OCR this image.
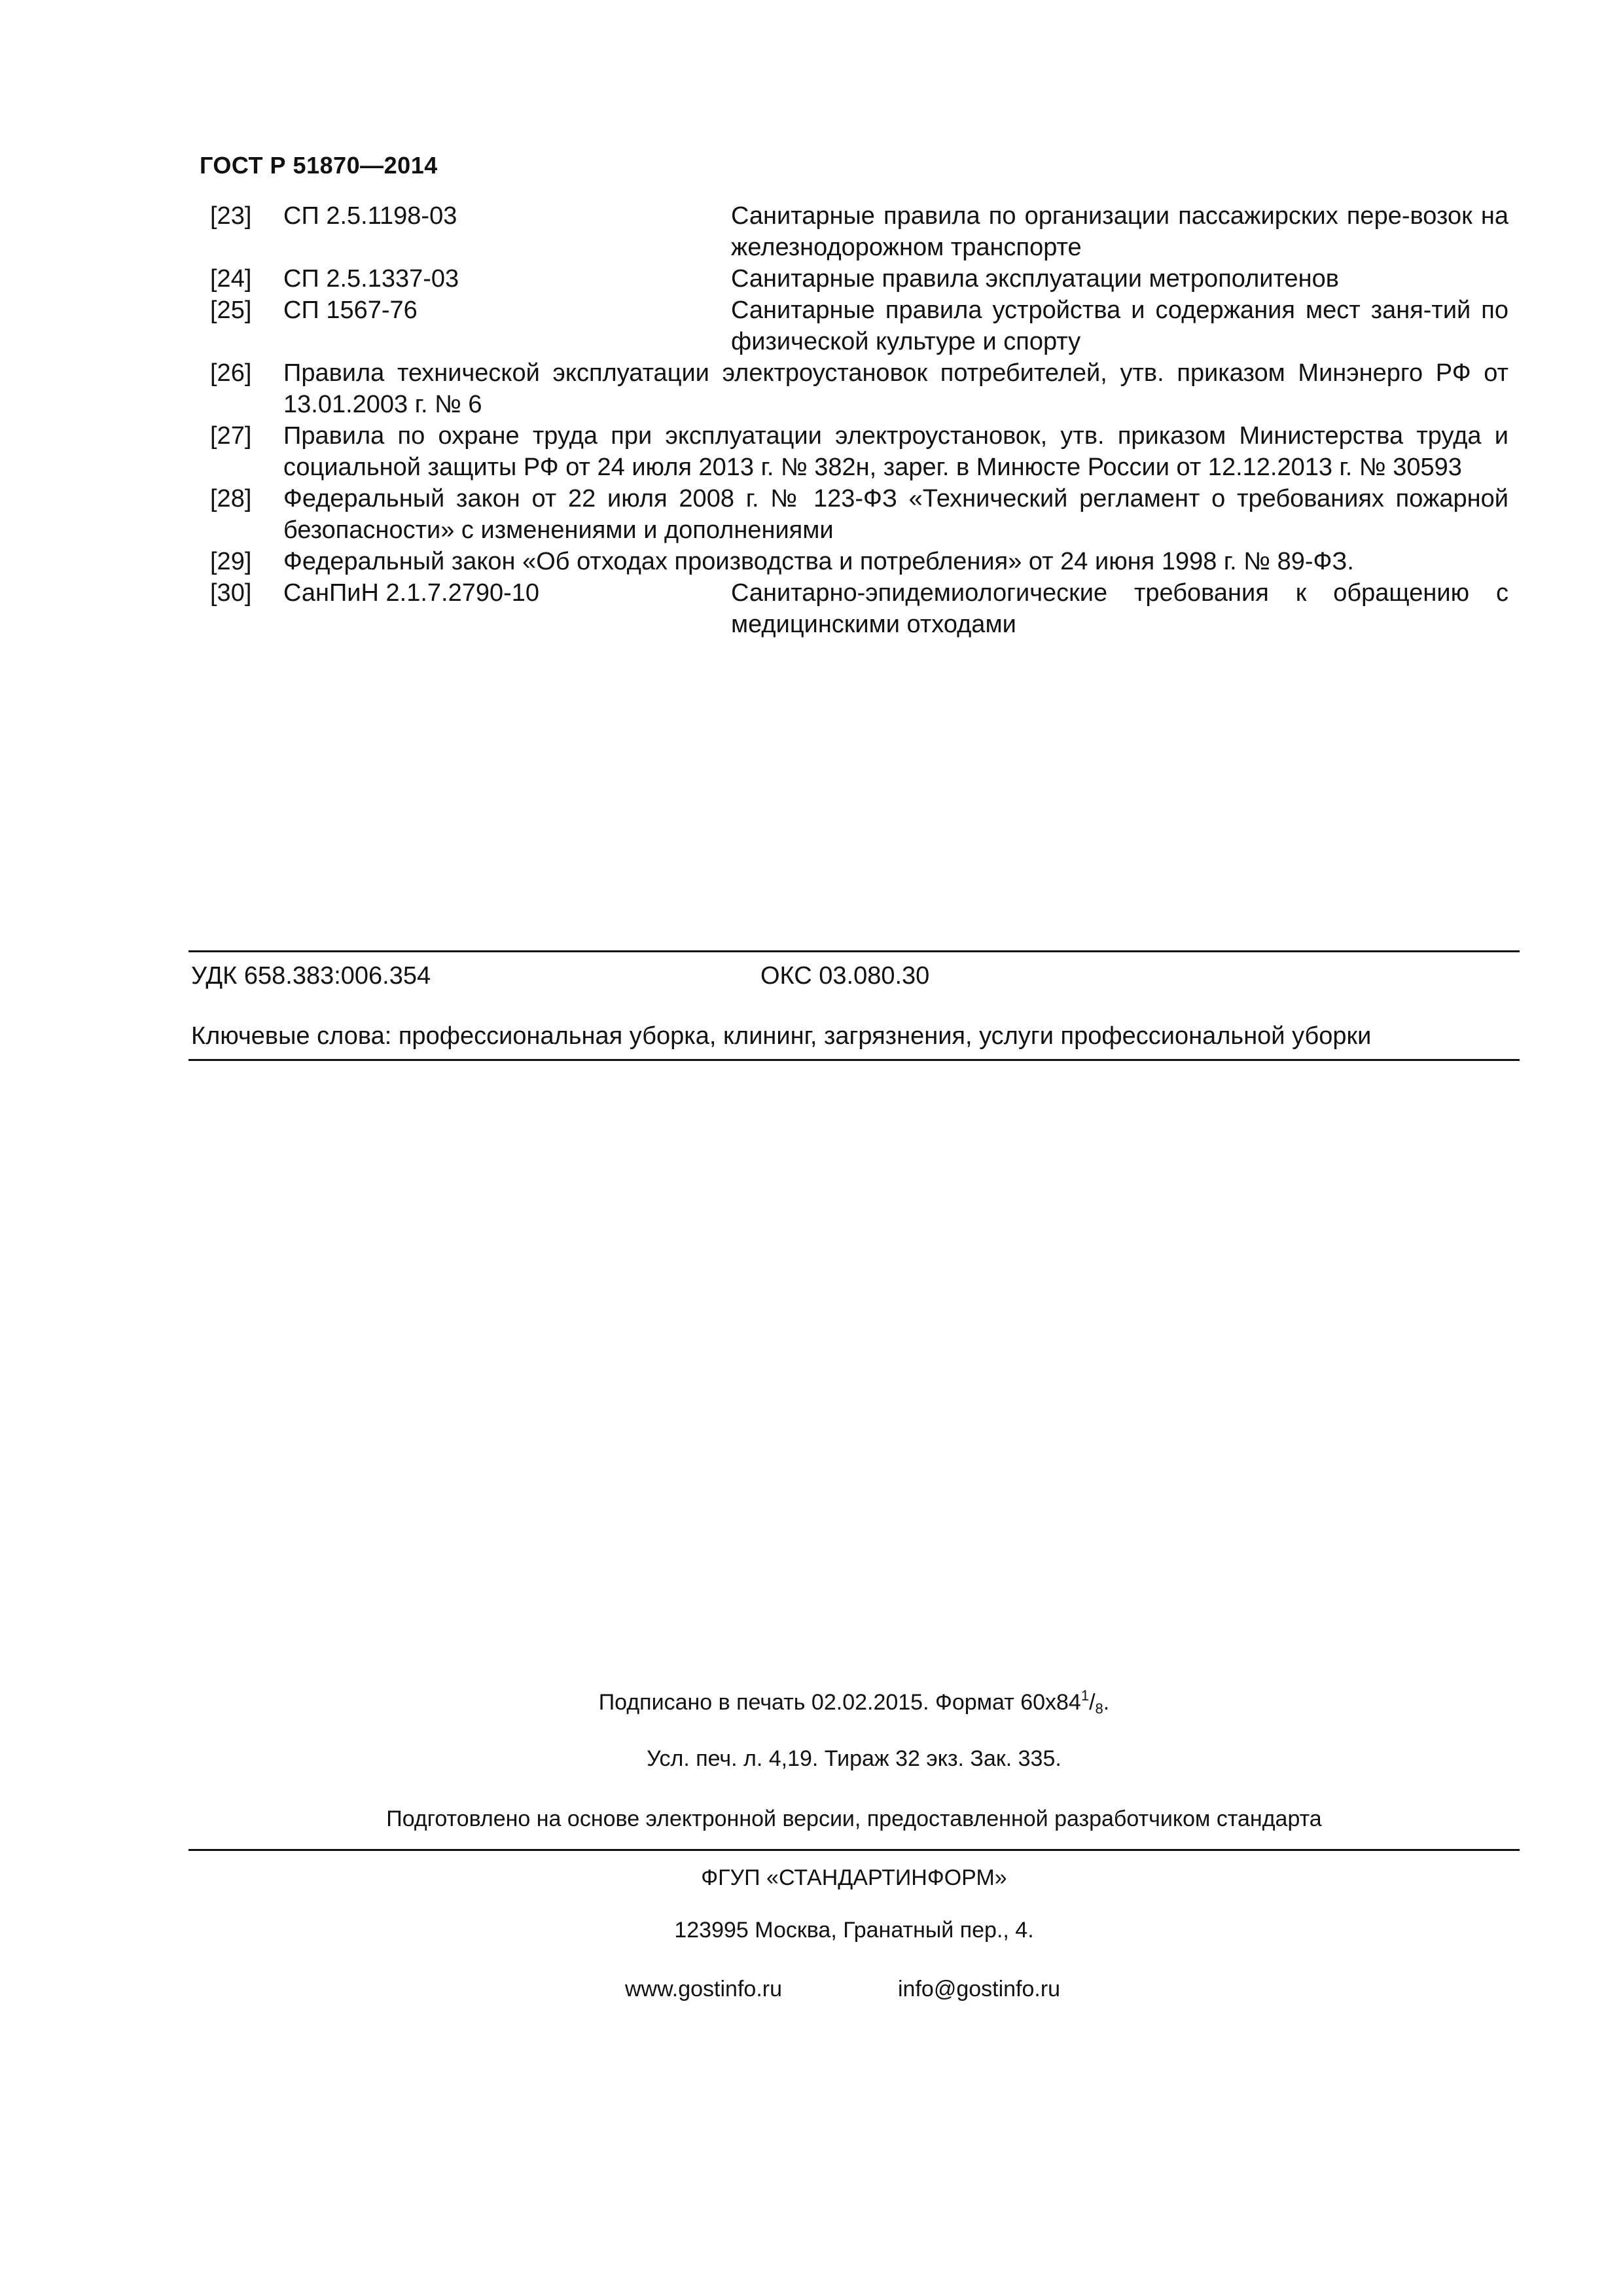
ГОСТ Р 51870—2014
[23]	СП 2.5.1198-03	Санитарные правила по организации пассажирских пере-возок на железнодорожном транспорте
[24]	СП 2.5.1337-03	Санитарные правила эксплуатации метрополитенов
[25]	СП 1567-76	Санитарные правила устройства и содержания мест заня-тий по физической культуре и спорту
[26]	Правила технической эксплуатации электроустановок потребителей, утв. приказом Минэнерго РФ от 13.01.2003 г. № 6
[27]	Правила по охране труда при эксплуатации электроустановок, утв. приказом Министерства труда и социальной защиты РФ от 24 июля 2013 г. № 382н, зарег. в Минюсте России от 12.12.2013 г. № 30593
[28]	Федеральный закон от 22 июля 2008 г. № 123-ФЗ «Технический регламент о требованиях пожарной безопасности» с изменениями и дополнениями
[29]	Федеральный закон «Об отходах производства и потребления» от 24 июня 1998 г. № 89-ФЗ.
[30]	СанПиН 2.1.7.2790-10	Санитарно-эпидемиологические требования к обращению с медицинскими отходами
УДК 658.383:006.354	ОКС 03.080.30
Ключевые слова: профессиональная уборка, клининг, загрязнения, услуги профессиональной уборки
Подписано в печать 02.02.2015. Формат $60x84^1/8$.
Усл. печ. л. 4,19. Тираж 32 экз. Зак. 335.
Подготовлено на основе электронной версии, предоставленной разработчиком стандарта
ФГУП «СТАНДАРТИНФОРМ»
123995 Москва, Гранатный пер., 4.
www.gostinfo.ru	info@gostinfo.ru
